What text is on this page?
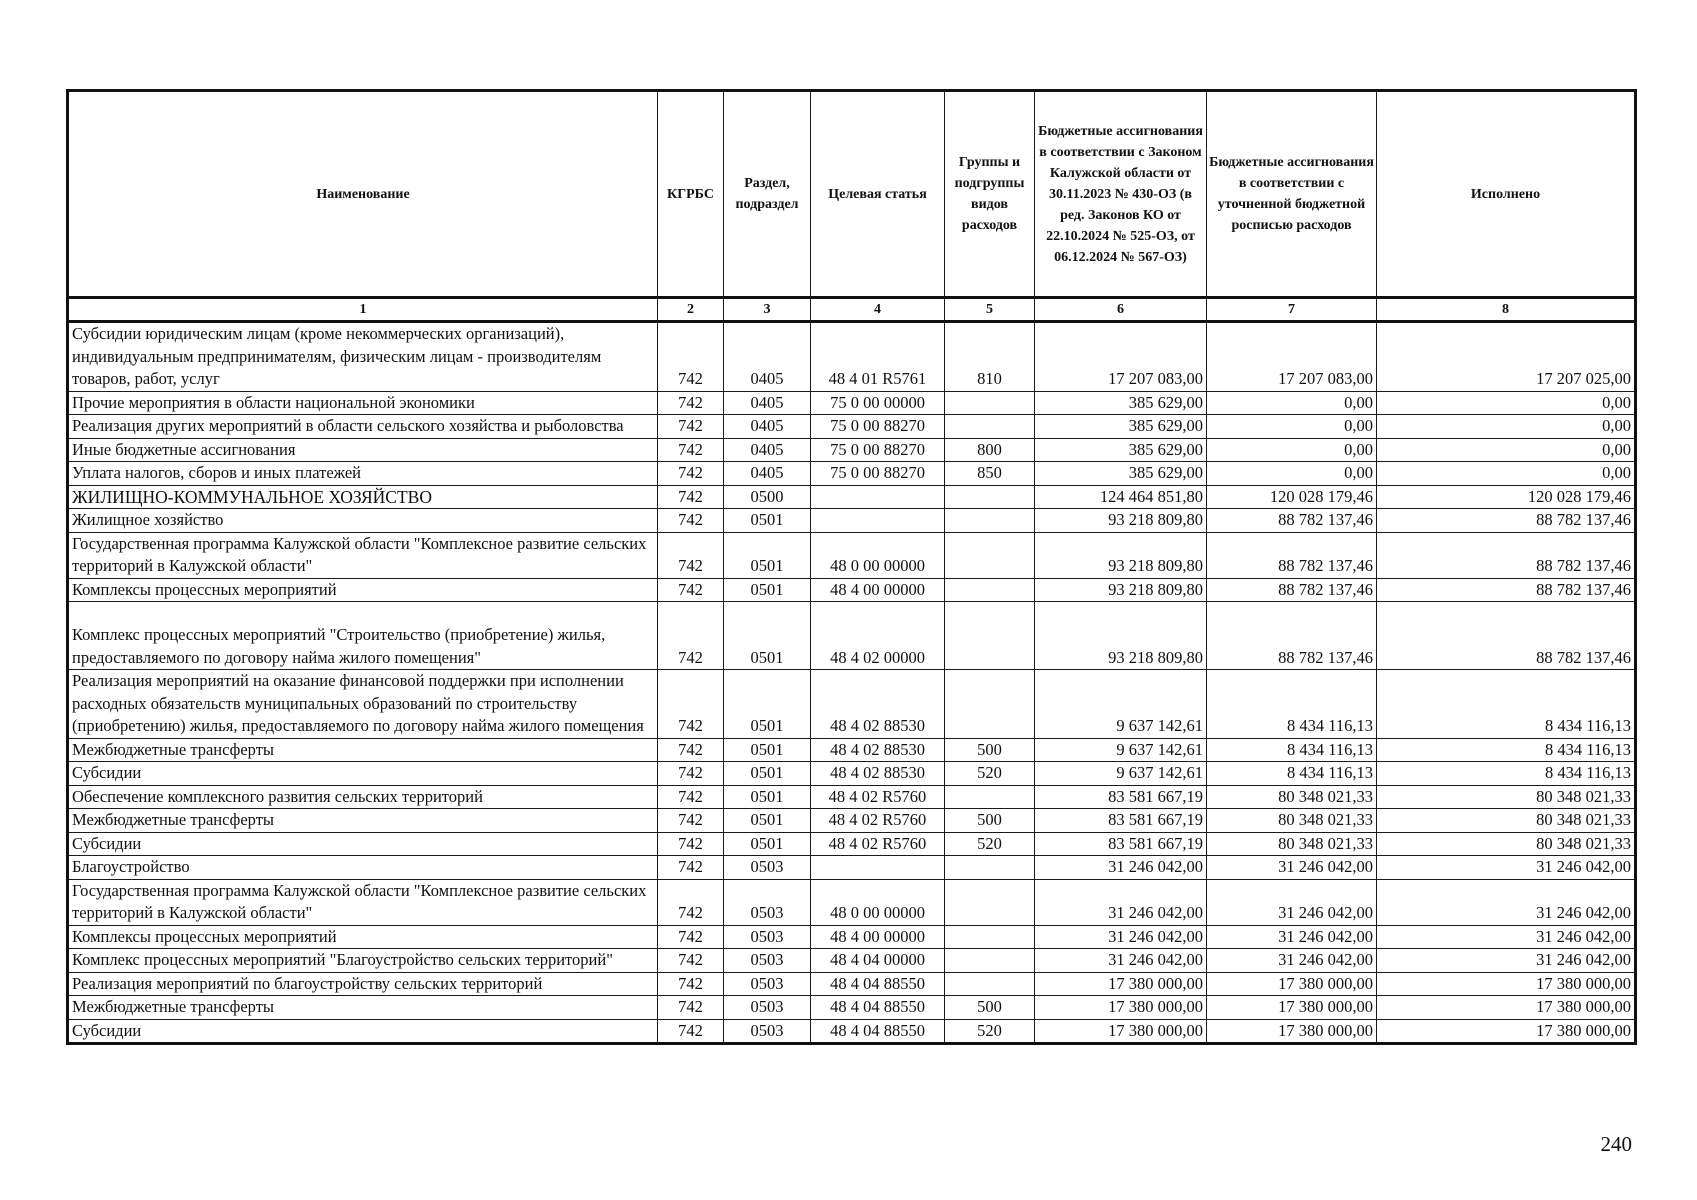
Наименование	КГРБС	Раздел, подраздел	Целевая статья	Группы и подгруппы видов расходов	Бюджетные ассигнования в соответствии с Законом Калужской области от 30.11.2023 № 430-ОЗ (в ред. Законов КО от 22.10.2024 № 525-ОЗ, от 06.12.2024 № 567-ОЗ)	Бюджетные ассигнования в соответствии с уточненной бюджетной росписью расходов	Исполнено
1	2	3	4	5	6	7	8
Субсидии юридическим лицам (кроме некоммерческих организаций), индивидуальным предпринимателям, физическим лицам - производителям товаров, работ, услуг	742	0405	48 4 01 R5761	810	17 207 083,00	17 207 083,00	17 207 025,00
Прочие мероприятия в области национальной экономики	742	0405	75 0 00 00000		385 629,00	0,00	0,00
Реализация других мероприятий в области сельского хозяйства и рыболовства	742	0405	75 0 00 88270		385 629,00	0,00	0,00
Иные бюджетные ассигнования	742	0405	75 0 00 88270	800	385 629,00	0,00	0,00
Уплата налогов, сборов и иных платежей	742	0405	75 0 00 88270	850	385 629,00	0,00	0,00
ЖИЛИЩНО-КОММУНАЛЬНОЕ ХОЗЯЙСТВО	742	0500			124 464 851,80	120 028 179,46	120 028 179,46
Жилищное хозяйство	742	0501			93 218 809,80	88 782 137,46	88 782 137,46
Государственная программа Калужской области "Комплексное развитие сельских территорий в Калужской области"	742	0501	48 0 00 00000		93 218 809,80	88 782 137,46	88 782 137,46
Комплексы процессных мероприятий	742	0501	48 4 00 00000		93 218 809,80	88 782 137,46	88 782 137,46
Комплекс процессных мероприятий "Строительство (приобретение) жилья, предоставляемого по договору найма жилого помещения"	742	0501	48 4 02 00000		93 218 809,80	88 782 137,46	88 782 137,46
Реализация мероприятий на оказание финансовой поддержки при исполнении расходных обязательств муниципальных образований по строительству (приобретению) жилья, предоставляемого по договору найма жилого помещения	742	0501	48 4 02 88530		9 637 142,61	8 434 116,13	8 434 116,13
Межбюджетные трансферты	742	0501	48 4 02 88530	500	9 637 142,61	8 434 116,13	8 434 116,13
Субсидии	742	0501	48 4 02 88530	520	9 637 142,61	8 434 116,13	8 434 116,13
Обеспечение комплексного развития сельских территорий	742	0501	48 4 02 R5760		83 581 667,19	80 348 021,33	80 348 021,33
Межбюджетные трансферты	742	0501	48 4 02 R5760	500	83 581 667,19	80 348 021,33	80 348 021,33
Субсидии	742	0501	48 4 02 R5760	520	83 581 667,19	80 348 021,33	80 348 021,33
Благоустройство	742	0503			31 246 042,00	31 246 042,00	31 246 042,00
Государственная программа Калужской области "Комплексное развитие сельских территорий в Калужской области"	742	0503	48 0 00 00000		31 246 042,00	31 246 042,00	31 246 042,00
Комплексы процессных мероприятий	742	0503	48 4 00 00000		31 246 042,00	31 246 042,00	31 246 042,00
Комплекс процессных мероприятий "Благоустройство сельских территорий"	742	0503	48 4 04 00000		31 246 042,00	31 246 042,00	31 246 042,00
Реализация мероприятий по благоустройству сельских территорий	742	0503	48 4 04 88550		17 380 000,00	17 380 000,00	17 380 000,00
Межбюджетные трансферты	742	0503	48 4 04 88550	500	17 380 000,00	17 380 000,00	17 380 000,00
Субсидии	742	0503	48 4 04 88550	520	17 380 000,00	17 380 000,00	17 380 000,00
240
